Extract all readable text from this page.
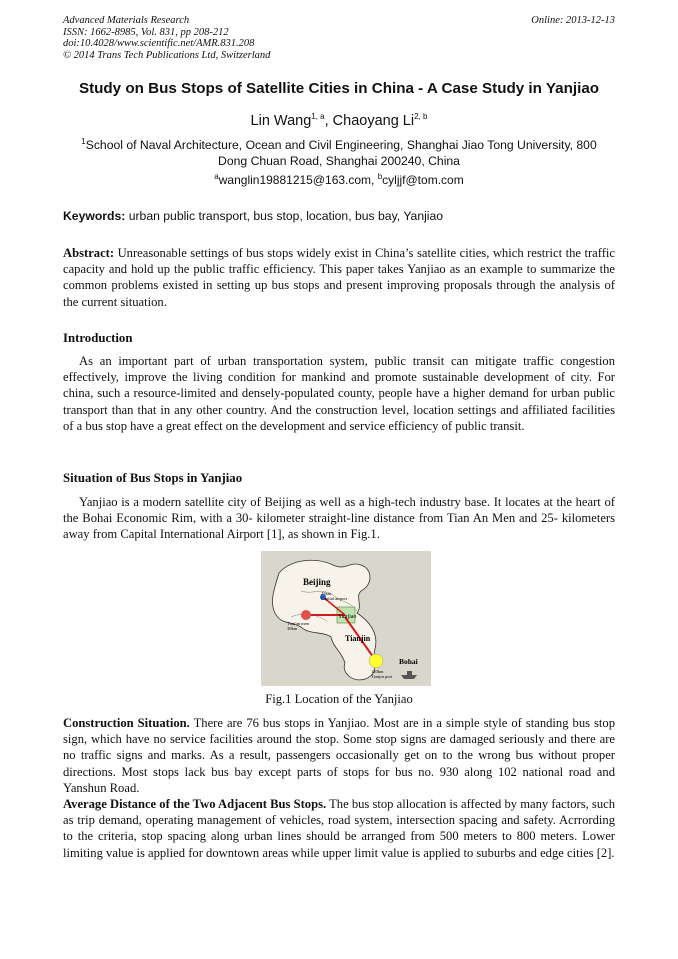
Advanced Materials Research
ISSN: 1662-8985, Vol. 831, pp 208-212
doi:10.4028/www.scientific.net/AMR.831.208
© 2014 Trans Tech Publications Ltd, Switzerland
Online: 2013-12-13
Study on Bus Stops of Satellite Cities in China - A Case Study in Yanjiao
Lin Wang$^{1, a}$, Chaoyang Li$^{2, b}$
$^1$School of Naval Architecture, Ocean and Civil Engineering, Shanghai Jiao Tong University, 800 Dong Chuan Road, Shanghai 200240, China
$^a$wanglin19881215@163.com, $^b$cyljjf@tom.com
Keywords: urban public transport, bus stop, location, bus bay, Yanjiao
Abstract: Unreasonable settings of bus stops widely exist in China’s satellite cities, which restrict the traffic capacity and hold up the public traffic efficiency. This paper takes Yanjiao as an example to summarize the common problems existed in setting up bus stops and present improving proposals through the analysis of the current situation.
Introduction
As an important part of urban transportation system, public transit can mitigate traffic congestion effectively, improve the living condition for mankind and promote sustainable development of city. For china, such a resource-limited and densely-populated county, people have a higher demand for urban public transport than that in any other country. And the construction level, location settings and affiliated facilities of a bus stop have a great effect on the development and service efficiency of public transit.
Situation of Bus Stops in Yanjiao
Yanjiao is a modern satellite city of Beijing as well as a high-tech industry base. It locates at the heart of the Bohai Economic Rim, with a 30- kilometer straight-line distance from Tian An Men and 25- kilometers away from Capital International Airport [1], as shown in Fig.1.
Beijing
25km Capital airport
Yanjiao
Tian'an men 30km
Tianjin
120km Tianjin port
Bohai
Fig.1 Location of the Yanjiao
Construction Situation. There are 76 bus stops in Yanjiao. Most are in a simple style of standing bus stop sign, which have no service facilities around the stop. Some stop signs are damaged seriously and there are no traffic signs and marks. As a result, passengers occasionally get on to the wrong bus without proper directions. Most stops lack bus bay except parts of stops for bus no. 930 along 102 national road and Yanshun Road.
Average Distance of the Two Adjacent Bus Stops. The bus stop allocation is affected by many factors, such as trip demand, operating management of vehicles, road system, intersection spacing and safety. Acrrording to the criteria, stop spacing along urban lines should be arranged from 500 meters to 800 meters. Lower limiting value is applied for downtown areas while upper limit value is applied to suburbs and edge cities [2].
